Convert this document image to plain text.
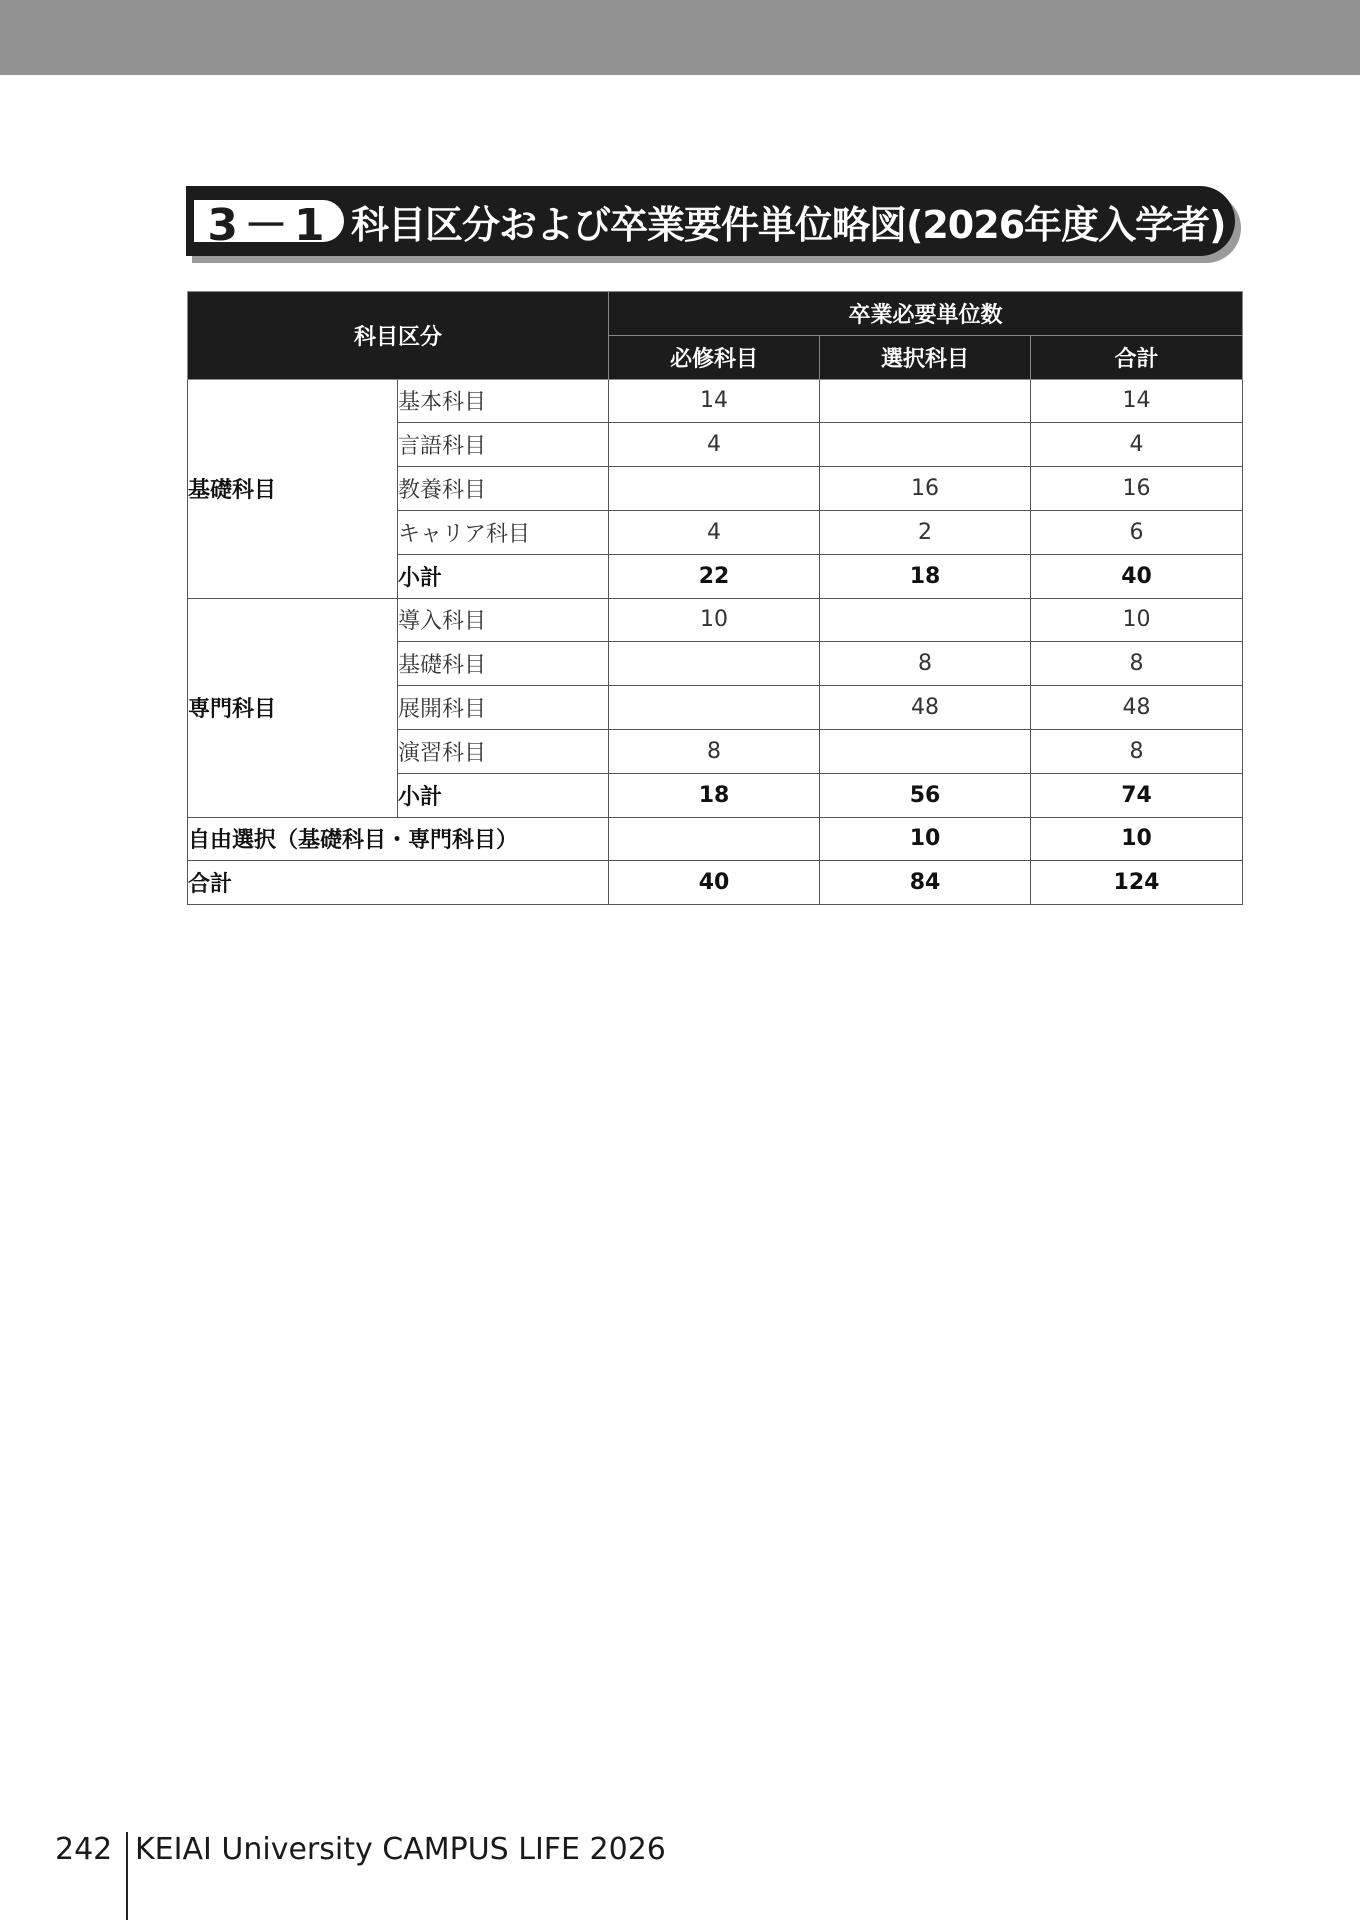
3－1 科目区分および卒業要件単位略図(2026年度入学者)
科目区分		卒業必要単位数		
		必修科目	選択科目	合計
基礎科目	基本科目	14		14
	言語科目	4		4
	教養科目		16	16
	キャリア科目	4	2	6
	小計	22	18	40
専門科目	導入科目	10		10
	基礎科目		8	8
	展開科目		48	48
	演習科目	8		8
	小計	18	56	74
自由選択（基礎科目・専門科目）			10	10
合計		40	84	124
242 KEIAI University CAMPUS LIFE 2026
